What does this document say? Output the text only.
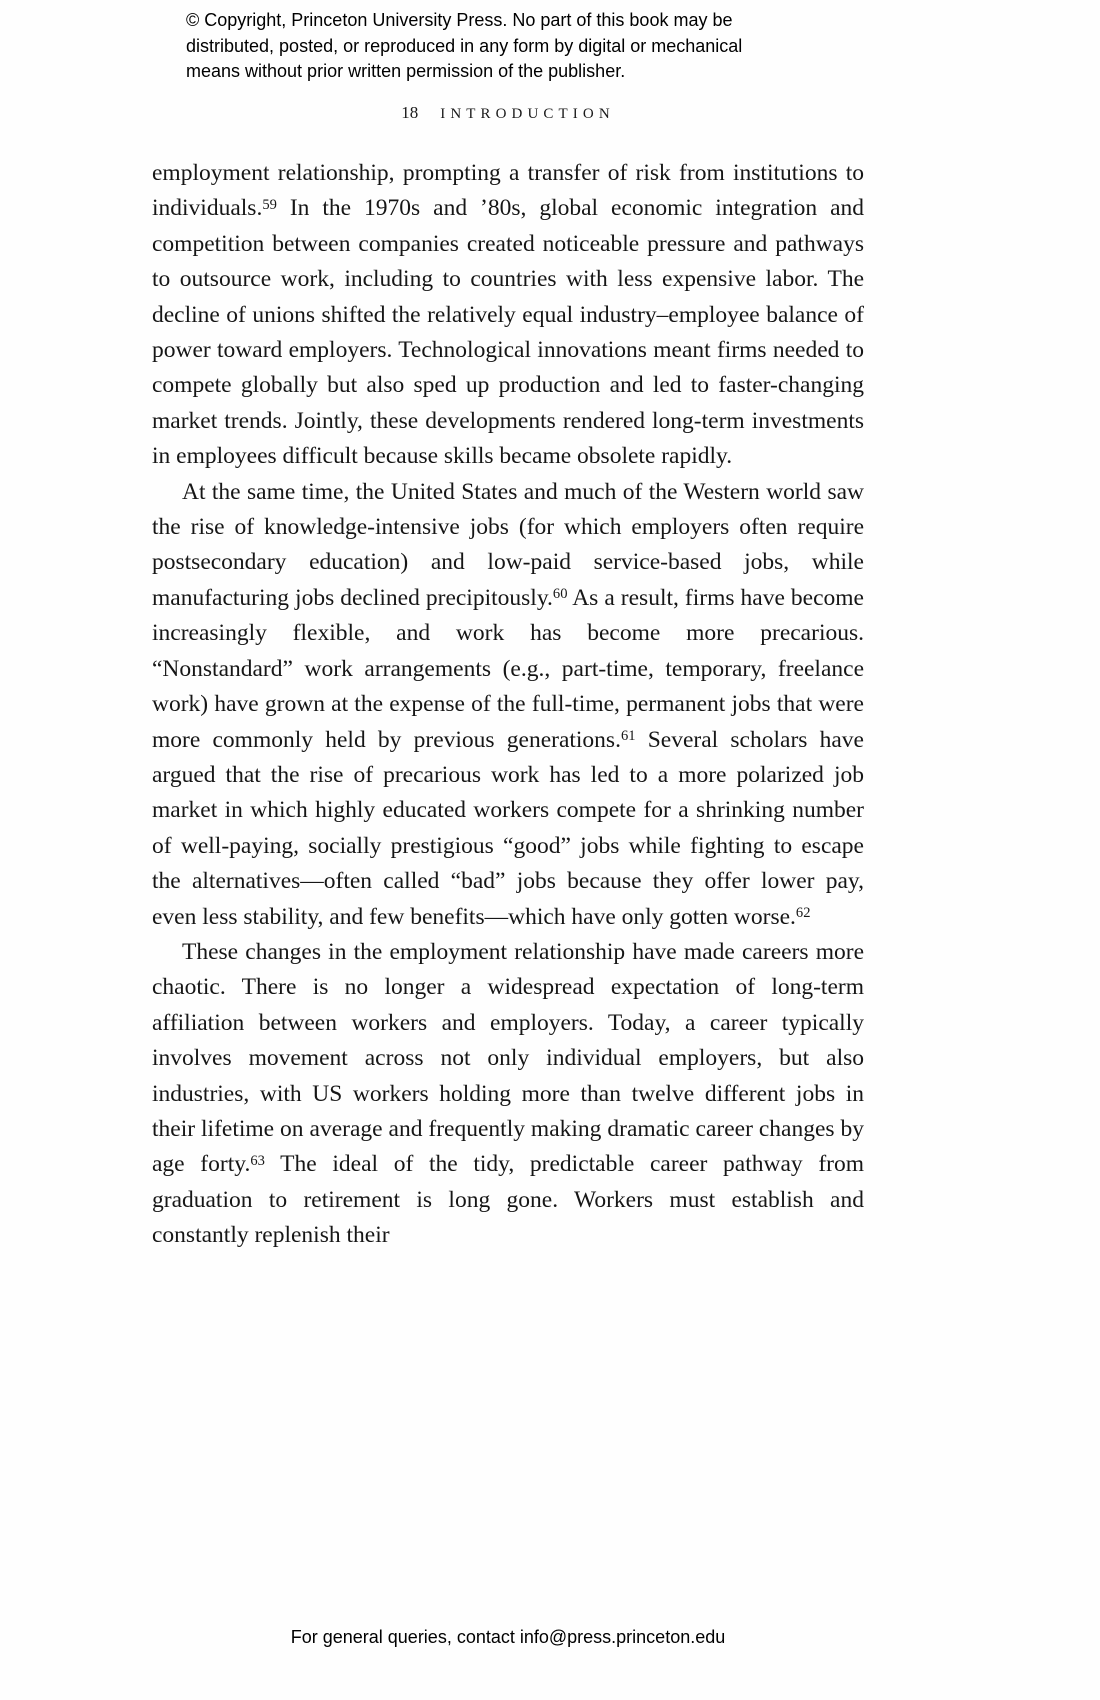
© Copyright, Princeton University Press. No part of this book may be
distributed, posted, or reproduced in any form by digital or mechanical
means without prior written permission of the publisher.
18 INTRODUCTION

employment relationship, prompting a transfer of risk from institutions to individuals.$^{59}$ In the 1970s and ’80s, global economic integration and competition between companies created noticeable pressure and pathways to outsource work, including to countries with less expensive labor. The decline of unions shifted the relatively equal industry–employee balance of power toward employers. Technological innovations meant firms needed to compete globally but also sped up production and led to faster-changing market trends. Jointly, these developments rendered long-term investments in employees difficult because skills became obsolete rapidly.

At the same time, the United States and much of the Western world saw the rise of knowledge-intensive jobs (for which employers often require postsecondary education) and low-paid service-based jobs, while manufacturing jobs declined precipitously.$^{60}$ As a result, firms have become increasingly flexible, and work has become more precarious. “Nonstandard” work arrangements (e.g., part-time, temporary, freelance work) have grown at the expense of the full-time, permanent jobs that were more commonly held by previous generations.$^{61}$ Several scholars have argued that the rise of precarious work has led to a more polarized job market in which highly educated workers compete for a shrinking number of well-paying, socially prestigious “good” jobs while fighting to escape the alternatives—often called “bad” jobs because they offer lower pay, even less stability, and few benefits—which have only gotten worse.$^{62}$

These changes in the employment relationship have made careers more chaotic. There is no longer a widespread expectation of long-term affiliation between workers and employers. Today, a career typically involves movement across not only individual employers, but also industries, with US workers holding more than twelve different jobs in their lifetime on average and frequently making dramatic career changes by age forty.$^{63}$ The ideal of the tidy, predictable career pathway from graduation to retirement is long gone. Workers must establish and constantly replenish their

For general queries, contact info@press.princeton.edu
